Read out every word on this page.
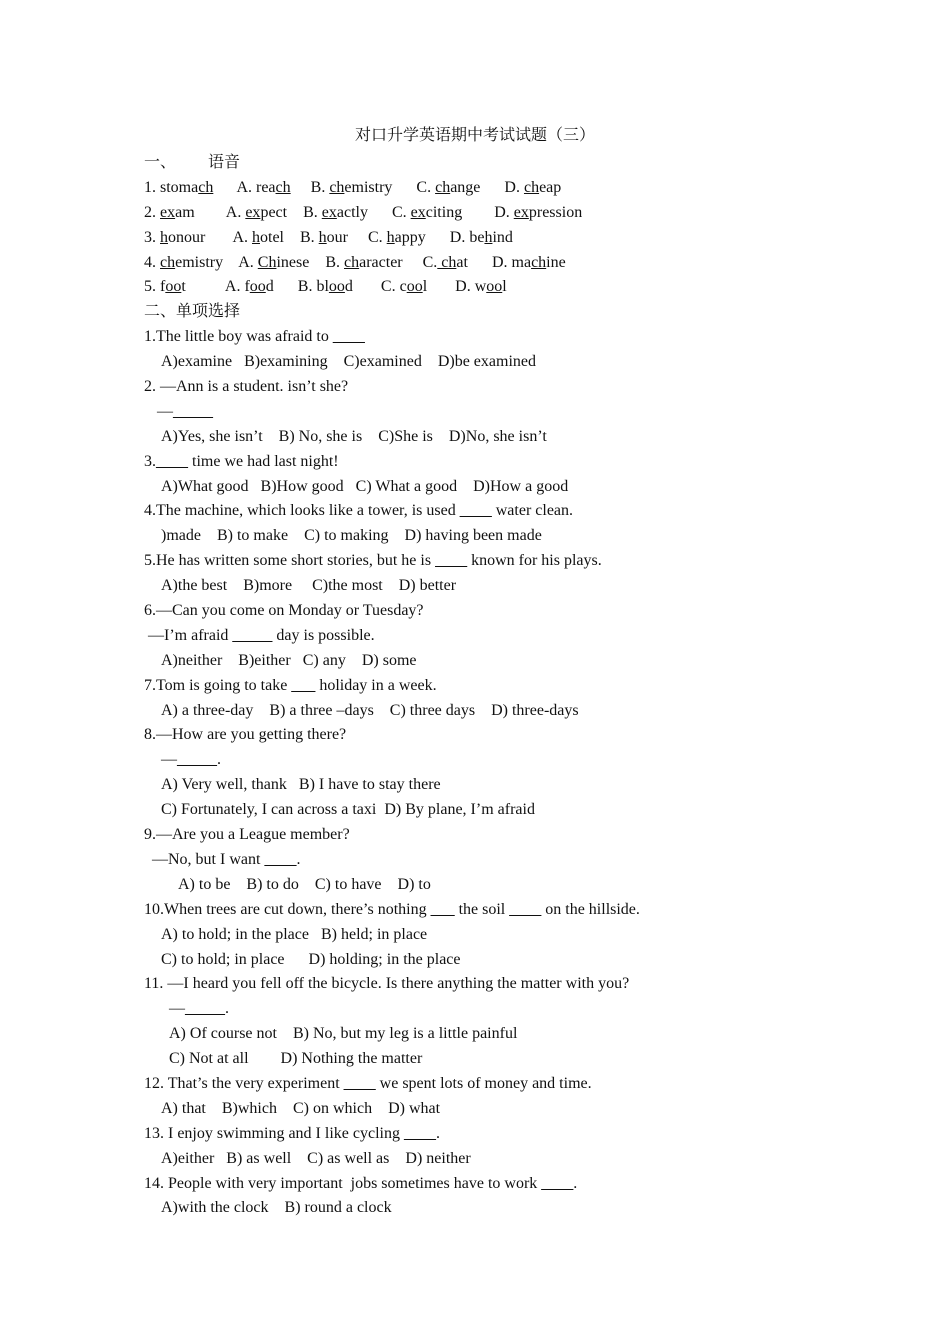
对口升学英语期中考试试题（三）
一、        语音
1. stomach      A. reach     B. chemistry      C. change      D. cheap
2. exam        A. expect    B. exactly      C. exciting        D. expression
3. honour       A. hotel    B. hour     C. happy      D. behind
4. chemistry    A. Chinese    B. character     C. chat      D. machine
5. foot          A. food      B. blood       C. cool       D. wool
二、单项选择
1.The little boy was afraid to ____
A)examine   B)examining    C)examined    D)be examined
2. —Ann is a student. isn’t she?
—_____
A)Yes, she isn’t    B) No, she is    C)She is    D)No, she isn’t
3.____ time we had last night!
A)What good   B)How good   C) What a good    D)How a good
4.The machine, which looks like a tower, is used ____ water clean.
)made    B) to make    C) to making    D) having been made
5.He has written some short stories, but he is ____ known for his plays.
A)the best    B)more     C)the most    D) better
6.—Can you come on Monday or Tuesday?
—I’m afraid _____ day is possible.
A)neither    B)either   C) any    D) some
7.Tom is going to take ___ holiday in a week.
A) a three-day    B) a three –days    C) three days    D) three-days
8.—How are you getting there?
—_____.
A) Very well, thank   B) I have to stay there
C) Fortunately, I can across a taxi  D) By plane, I’m afraid
9.—Are you a League member?
—No, but I want ____.
A) to be    B) to do    C) to have    D) to
10.When trees are cut down, there’s nothing ___ the soil ____ on the hillside.
A) to hold; in the place   B) held; in place
C) to hold; in place      D) holding; in the place
11. —I heard you fell off the bicycle. Is there anything the matter with you?
—_____.
A) Of course not    B) No, but my leg is a little painful
C) Not at all        D) Nothing the matter
12. That’s the very experiment ____ we spent lots of money and time.
A) that    B)which    C) on which    D) what
13. I enjoy swimming and I like cycling ____.
A)either   B) as well    C) as well as    D) neither
14. People with very important  jobs sometimes have to work ____.
A)with the clock    B) round a clock
